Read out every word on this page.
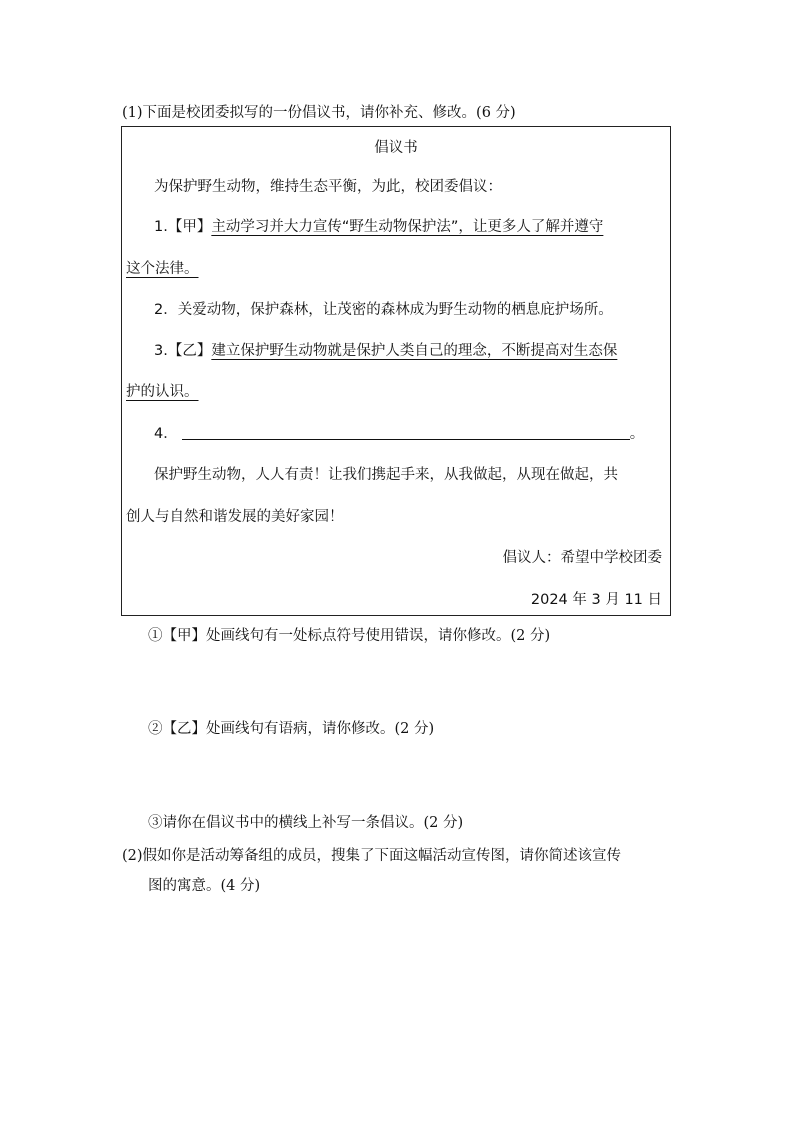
(1)下面是校团委拟写的一份倡议书，请你补充、修改。(6 分)
倡议书
为保护野生动物，维持生态平衡，为此，校团委倡议：
1.【甲】主动学习并大力宣传“野生动物保护法”，让更多人了解并遵守
这个法律。
2．关爱动物，保护森林，让茂密的森林成为野生动物的栖息庇护场所。
3.【乙】建立保护野生动物就是保护人类自己的理念，不断提高对生态保
护的认识。
4．	。
保护野生动物，人人有责！让我们携起手来，从我做起，从现在做起，共
创人与自然和谐发展的美好家园！
倡议人：希望中学校团委
2024 年 3 月 11 日
①【甲】处画线句有一处标点符号使用错误，请你修改。(2 分)
②【乙】处画线句有语病，请你修改。(2 分)
③请你在倡议书中的横线上补写一条倡议。(2 分)
(2)假如你是活动筹备组的成员，搜集了下面这幅活动宣传图，请你简述该宣传
图的寓意。(4 分)
